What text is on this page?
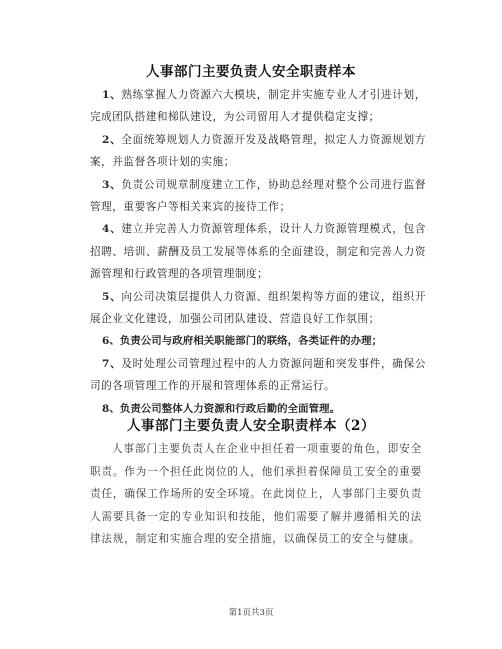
人事部门主要负责人安全职责样本

1、熟练掌握人力资源六大模块，制定并实施专业人才引进计划，完成团队搭建和梯队建设，为公司留用人才提供稳定支撑；

2、全面统筹规划人力资源开发及战略管理，拟定人力资源规划方案，并监督各项计划的实施；

3、负责公司规章制度建立工作，协助总经理对整个公司进行监督管理，重要客户等相关来宾的接待工作；

4、建立并完善人力资源管理体系，设计人力资源管理模式，包含招聘、培训、薪酬及员工发展等体系的全面建设，制定和完善人力资源管理和行政管理的各项管理制度；

5、向公司决策层提供人力资源、组织架构等方面的建议，组织开展企业文化建设，加强公司团队建设、营造良好工作氛围；

6、负责公司与政府相关职能部门的联络，各类证件的办理；

7、及时处理公司管理过程中的人力资源问题和突发事件，确保公司的各项管理工作的开展和管理体系的正常运行。

8、负责公司整体人力资源和行政后勤的全面管理。

人事部门主要负责人安全职责样本（2）

人事部门主要负责人在企业中担任着一项重要的角色，即安全职责。作为一个担任此岗位的人，他们承担着保障员工安全的重要责任，确保工作场所的安全环境。在此岗位上，人事部门主要负责人需要具备一定的专业知识和技能，他们需要了解并遵循相关的法律法规，制定和实施合理的安全措施，以确保员工的安全与健康。

第1页共3页
